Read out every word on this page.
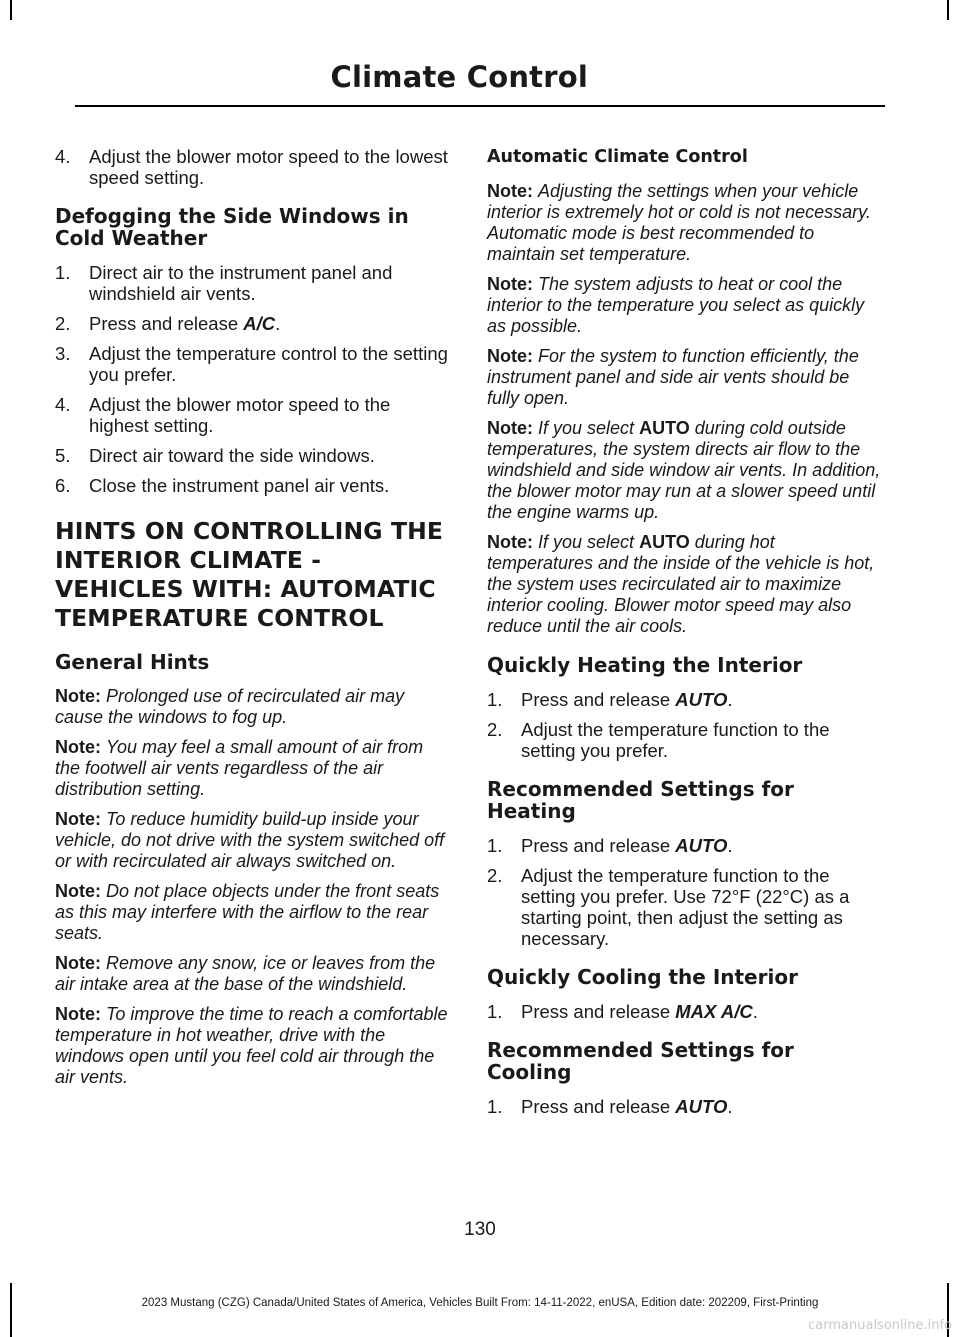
Climate Control
4. Adjust the blower motor speed to the lowest speed setting.
Defogging the Side Windows in Cold Weather
1. Direct air to the instrument panel and windshield air vents.
2. Press and release A/C.
3. Adjust the temperature control to the setting you prefer.
4. Adjust the blower motor speed to the highest setting.
5. Direct air toward the side windows.
6. Close the instrument panel air vents.
HINTS ON CONTROLLING THE
INTERIOR CLIMATE -
VEHICLES WITH: AUTOMATIC
TEMPERATURE CONTROL
General Hints
Note: Prolonged use of recirculated air may cause the windows to fog up.
Note: You may feel a small amount of air from the footwell air vents regardless of the air distribution setting.
Note: To reduce humidity build-up inside your vehicle, do not drive with the system switched off or with recirculated air always switched on.
Note: Do not place objects under the front seats as this may interfere with the airflow to the rear seats.
Note: Remove any snow, ice or leaves from the air intake area at the base of the windshield.
Note: To improve the time to reach a comfortable temperature in hot weather, drive with the windows open until you feel cold air through the air vents.
Automatic Climate Control
Note: Adjusting the settings when your vehicle interior is extremely hot or cold is not necessary. Automatic mode is best recommended to maintain set temperature.
Note: The system adjusts to heat or cool the interior to the temperature you select as quickly as possible.
Note: For the system to function efficiently, the instrument panel and side air vents should be fully open.
Note: If you select AUTO during cold outside temperatures, the system directs air flow to the windshield and side window air vents. In addition, the blower motor may run at a slower speed until the engine warms up.
Note: If you select AUTO during hot temperatures and the inside of the vehicle is hot, the system uses recirculated air to maximize interior cooling. Blower motor speed may also reduce until the air cools.
Quickly Heating the Interior
1. Press and release AUTO.
2. Adjust the temperature function to the setting you prefer.
Recommended Settings for Heating
1. Press and release AUTO.
2. Adjust the temperature function to the setting you prefer. Use 72°F (22°C) as a starting point, then adjust the setting as necessary.
Quickly Cooling the Interior
1. Press and release MAX A/C.
Recommended Settings for Cooling
1. Press and release AUTO.
130
2023 Mustang (CZG) Canada/United States of America, Vehicles Built From: 14-11-2022, enUSA, Edition date: 202209, First-Printing
carmanualsonline.info
